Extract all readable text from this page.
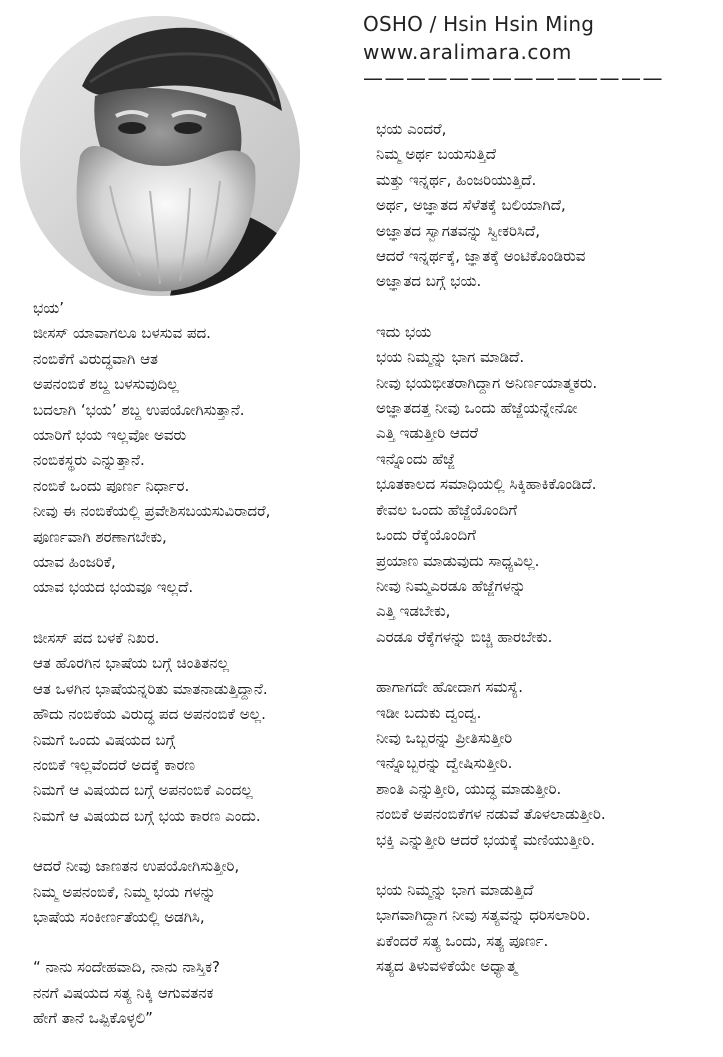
OSHO / Hsin Hsin Ming
www.aralimara.com
——————————————
ಭಯ’
ಜೀಸಸ್ ಯಾವಾಗಲೂ ಬಳಸುವ ಪದ.
ನಂಬಿಕೆಗೆ ವಿರುದ್ಧವಾಗಿ ಆತ
ಅಪನಂಬಿಕೆ ಶಬ್ದ ಬಳಸುವುದಿಲ್ಲ
ಬದಲಾಗಿ ‘ಭಯ’ ಶಬ್ದ ಉಪಯೋಗಿಸುತ್ತಾನೆ.
ಯಾರಿಗೆ ಭಯ ಇಲ್ಲವೋ ಅವರು
ನಂಬಿಕಸ್ಥರು ಎನ್ನುತ್ತಾನೆ.
ನಂಬಿಕೆ ಒಂದು ಪೂರ್ಣ ನಿರ್ಧಾರ.
ನೀವು ಈ ನಂಬಿಕೆಯಲ್ಲಿ ಪ್ರವೇಶಿಸಬಯಸುವಿರಾದರೆ,
ಪೂರ್ಣವಾಗಿ ಶರಣಾಗಬೇಕು,
ಯಾವ ಹಿಂಜರಿಕೆ,
ಯಾವ ಭಯದ ಭಯವೂ ಇಲ್ಲದೆ.
ಜೀಸಸ್ ಪದ ಬಳಕೆ ನಿಖರ.
ಆತ ಹೊರಗಿನ ಭಾಷೆಯ ಬಗ್ಗೆ ಚಿಂತಿತನಲ್ಲ
ಆತ ಒಳಗಿನ ಭಾಷೆಯನ್ನರಿತು ಮಾತನಾಡುತ್ತಿದ್ದಾನೆ.
ಹೌದು ನಂಬಿಕೆಯ ವಿರುದ್ಧ ಪದ ಅಪನಂಬಿಕೆ ಅಲ್ಲ.
ನಿಮಗೆ ಒಂದು ವಿಷಯದ ಬಗ್ಗೆ
ನಂಬಿಕೆ ಇಲ್ಲವೆಂದರೆ ಅದಕ್ಕೆ ಕಾರಣ
ನಿಮಗೆ ಆ ವಿಷಯದ ಬಗ್ಗೆ ಅಪನಂಬಿಕೆ ಎಂದಲ್ಲ
ನಿಮಗೆ ಆ ವಿಷಯದ ಬಗ್ಗೆ ಭಯ ಕಾರಣ ಎಂದು.
ಆದರೆ ನೀವು ಜಾಣತನ ಉಪಯೋಗಿಸುತ್ತೀರಿ,
ನಿಮ್ಮ ಅಪನಂಬಿಕೆ, ನಿಮ್ಮ ಭಯ ಗಳನ್ನು
ಭಾಷೆಯ ಸಂಕೀರ್ಣತೆಯಲ್ಲಿ ಅಡಗಿಸಿ,
“ ನಾನು ಸಂದೇಹವಾದಿ, ನಾನು ನಾಸ್ತಿಕ?
ನನಗೆ ವಿಷಯದ ಸತ್ಯ ನಿಕ್ಕಿ ಆಗುವತನಕ
ಹೇಗೆ ತಾನೆ ಒಪ್ಪಿಕೊಳ್ಳಲಿ”
ಭಯ ಎಂದರೆ,
ನಿಮ್ಮ ಅರ್ಥ ಬಯಸುತ್ತಿದೆ
ಮತ್ತು ಇನ್ನರ್ಥ, ಹಿಂಜರಿಯುತ್ತಿದೆ.
ಅರ್ಥ, ಅಜ್ಞಾತದ ಸೆಳೆತಕ್ಕೆ ಬಲಿಯಾಗಿದೆ,
ಅಜ್ಞಾತದ ಸ್ವಾಗತವನ್ನು ಸ್ವೀಕರಿಸಿದೆ,
ಆದರೆ ಇನ್ನರ್ಥಕ್ಕೆ, ಜ್ಞಾತಕ್ಕೆ ಅಂಟಿಕೊಂಡಿರುವ
ಅಜ್ಞಾತದ ಬಗ್ಗೆ ಭಯ.
ಇದು ಭಯ
ಭಯ ನಿಮ್ಮನ್ನು ಭಾಗ ಮಾಡಿದೆ.
ನೀವು ಭಯಭೀತರಾಗಿದ್ದಾಗ ಅನಿರ್ಣಯಾತ್ಮಕರು.
ಅಜ್ಞಾತದತ್ತ ನೀವು ಒಂದು ಹೆಜ್ಜೆಯನ್ನೇನೋ
ಎತ್ತಿ ಇಡುತ್ತೀರಿ ಆದರೆ
ಇನ್ನೊಂದು ಹೆಜ್ಜೆ
ಭೂತಕಾಲದ ಸಮಾಧಿಯಲ್ಲಿ ಸಿಕ್ಕಿಹಾಕಿಕೊಂಡಿದೆ.
ಕೇವಲ ಒಂದು ಹೆಜ್ಜೆಯೊಂದಿಗೆ
ಒಂದು ರೆಕ್ಕೆಯೊಂದಿಗೆ
ಪ್ರಯಾಣ ಮಾಡುವುದು ಸಾಧ್ಯವಿಲ್ಲ.
ನೀವು ನಿಮ್ಮಎರಡೂ ಹೆಜ್ಜೆಗಳನ್ನು
ಎತ್ತಿ ಇಡಬೇಕು,
ಎರಡೂ ರೆಕ್ಕೆಗಳನ್ನು ಬಿಚ್ಚಿ ಹಾರಬೇಕು.
ಹಾಗಾಗದೇ ಹೋದಾಗ ಸಮಸ್ಯೆ.
ಇಡೀ ಬದುಕು ದ್ವಂದ್ವ.
ನೀವು ಒಬ್ಬರನ್ನು ಪ್ರೀತಿಸುತ್ತೀರಿ
ಇನ್ನೊಬ್ಬರನ್ನು ದ್ವೇಷಿಸುತ್ತೀರಿ.
ಶಾಂತಿ ಎನ್ನುತ್ತೀರಿ, ಯುದ್ಧ ಮಾಡುತ್ತೀರಿ.
ನಂಬಿಕೆ ಅಪನಂಬಿಕೆಗಳ ನಡುವೆ ತೊಳಲಾಡುತ್ತೀರಿ.
ಭಕ್ತಿ ಎನ್ನುತ್ತೀರಿ ಆದರೆ ಭಯಕ್ಕೆ ಮಣಿಯುತ್ತೀರಿ.
ಭಯ ನಿಮ್ಮನ್ನು ಭಾಗ ಮಾಡುತ್ತಿದೆ
ಭಾಗವಾಗಿದ್ದಾಗ ನೀವು ಸತ್ಯವನ್ನು ಧರಿಸಲಾರಿರಿ.
ಏಕೆಂದರೆ ಸತ್ಯ ಒಂದು, ಸತ್ಯ ಪೂರ್ಣ.
ಸತ್ಯದ ತಿಳುವಳಿಕೆಯೇ ಅಧ್ಯಾತ್ಮ
